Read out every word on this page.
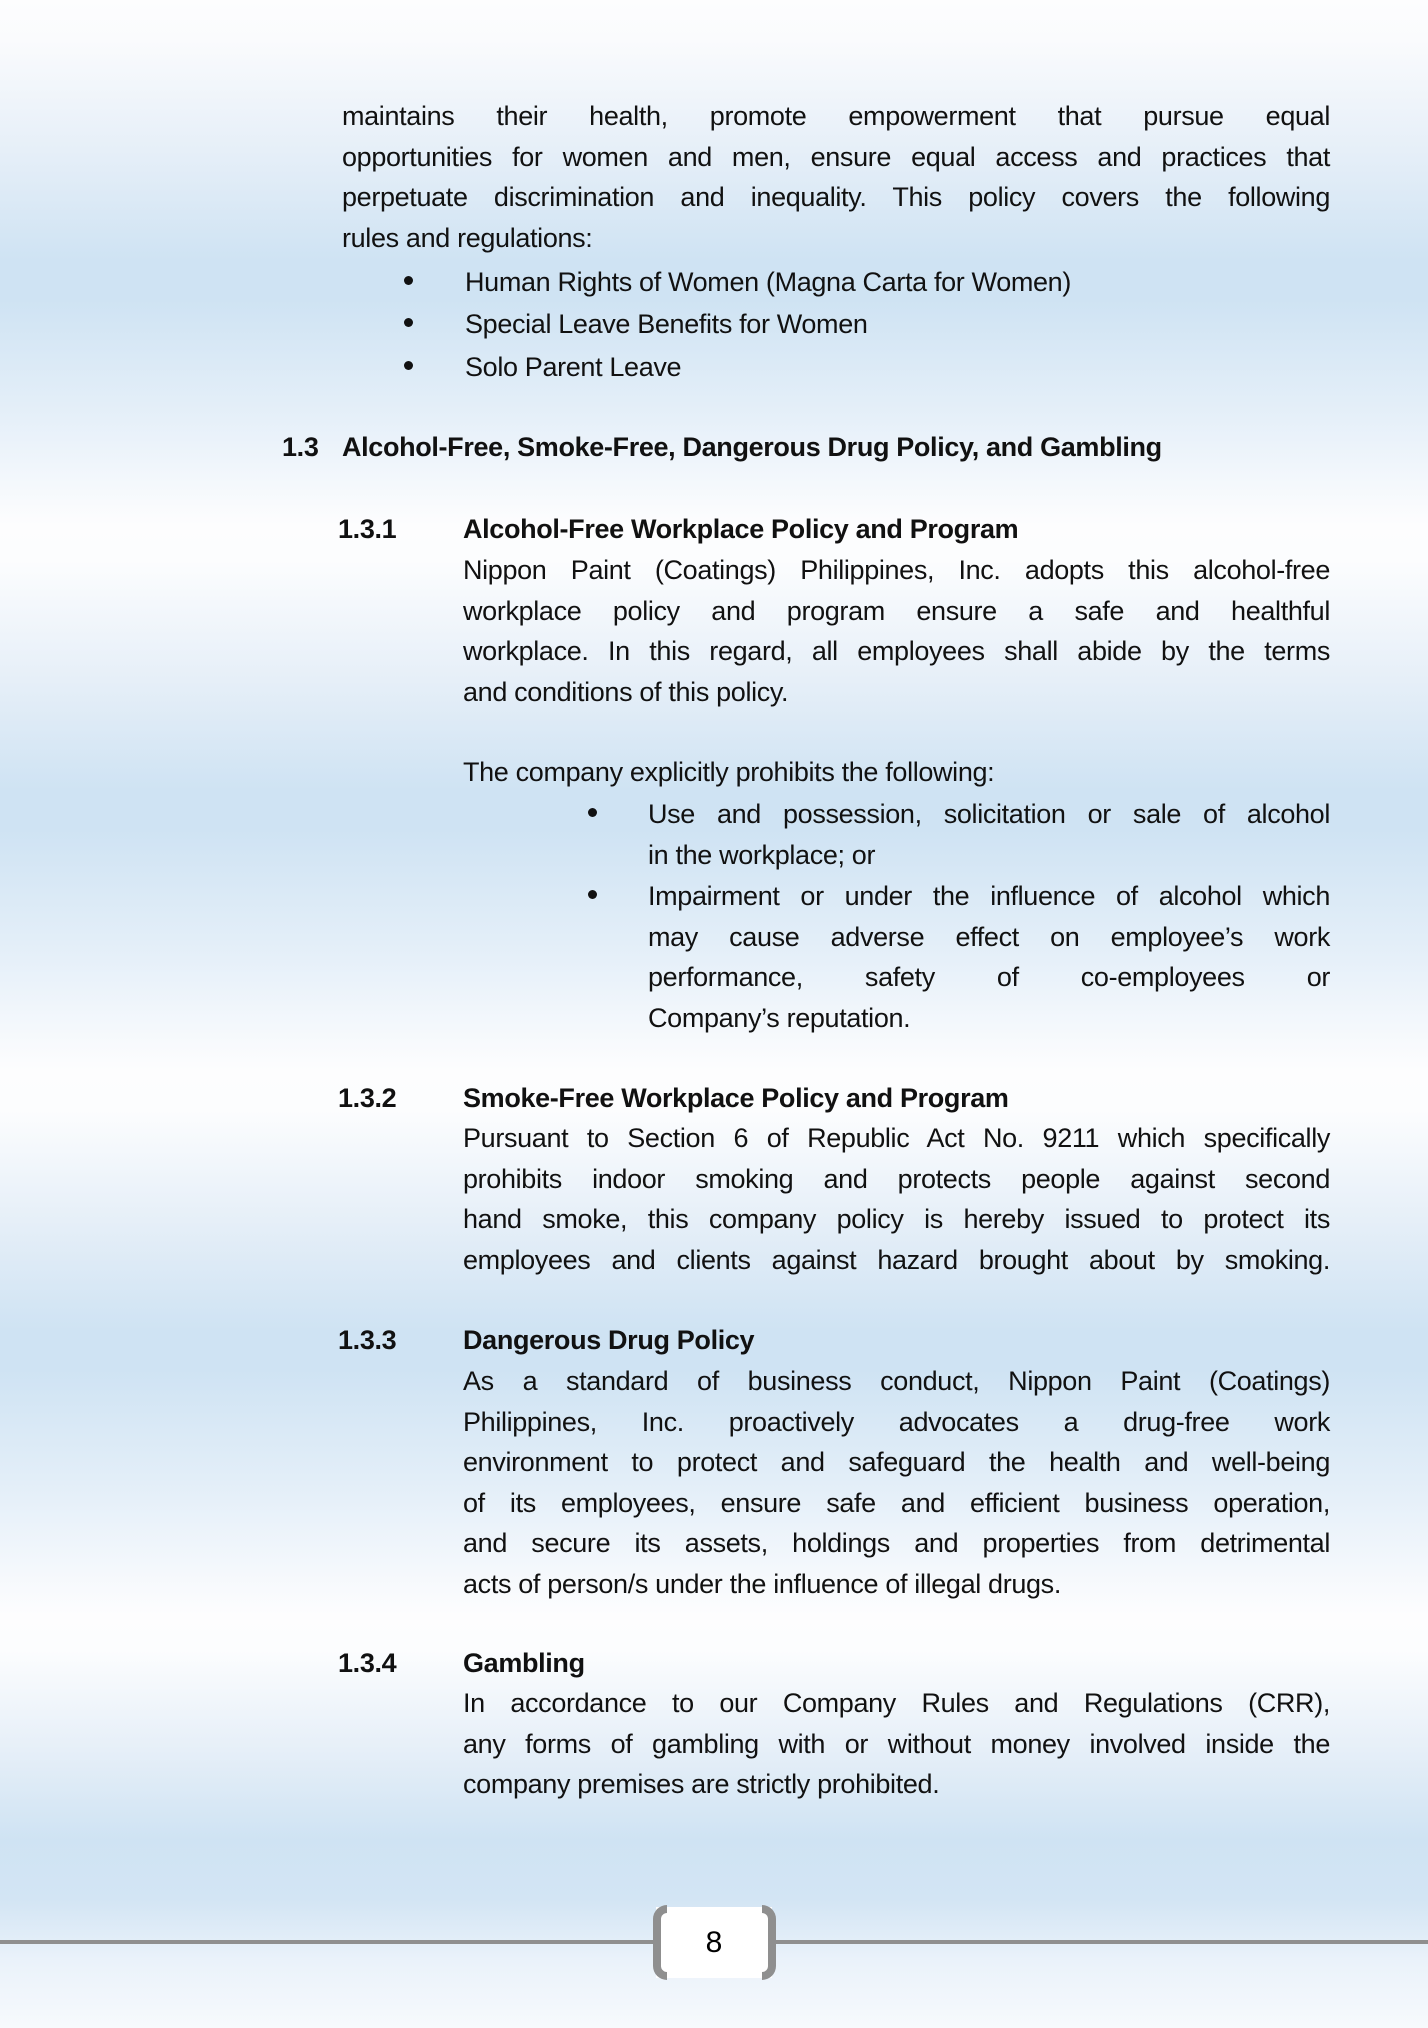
maintains their health, promote empowerment that pursue equal
opportunities for women and men, ensure equal access and practices that
perpetuate discrimination and inequality. This policy covers the following
rules and regulations:
Human Rights of Women (Magna Carta for Women)
Special Leave Benefits for Women
Solo Parent Leave
1.3 Alcohol-Free, Smoke-Free, Dangerous Drug Policy, and Gambling
1.3.1 Alcohol-Free Workplace Policy and Program
Nippon Paint (Coatings) Philippines, Inc. adopts this alcohol-free
workplace policy and program ensure a safe and healthful
workplace. In this regard, all employees shall abide by the terms
and conditions of this policy.
The company explicitly prohibits the following:
Use and possession, solicitation or sale of alcohol
in the workplace; or
Impairment or under the influence of alcohol which
may cause adverse effect on employee’s work
performance, safety of co-employees or
Company’s reputation.
1.3.2 Smoke-Free Workplace Policy and Program
Pursuant to Section 6 of Republic Act No. 9211 which specifically
prohibits indoor smoking and protects people against second
hand smoke, this company policy is hereby issued to protect its
employees and clients against hazard brought about by smoking.
1.3.3 Dangerous Drug Policy
As a standard of business conduct, Nippon Paint (Coatings)
Philippines, Inc. proactively advocates a drug-free work
environment to protect and safeguard the health and well-being
of its employees, ensure safe and efficient business operation,
and secure its assets, holdings and properties from detrimental
acts of person/s under the influence of illegal drugs.
1.3.4 Gambling
In accordance to our Company Rules and Regulations (CRR),
any forms of gambling with or without money involved inside the
company premises are strictly prohibited.
8
